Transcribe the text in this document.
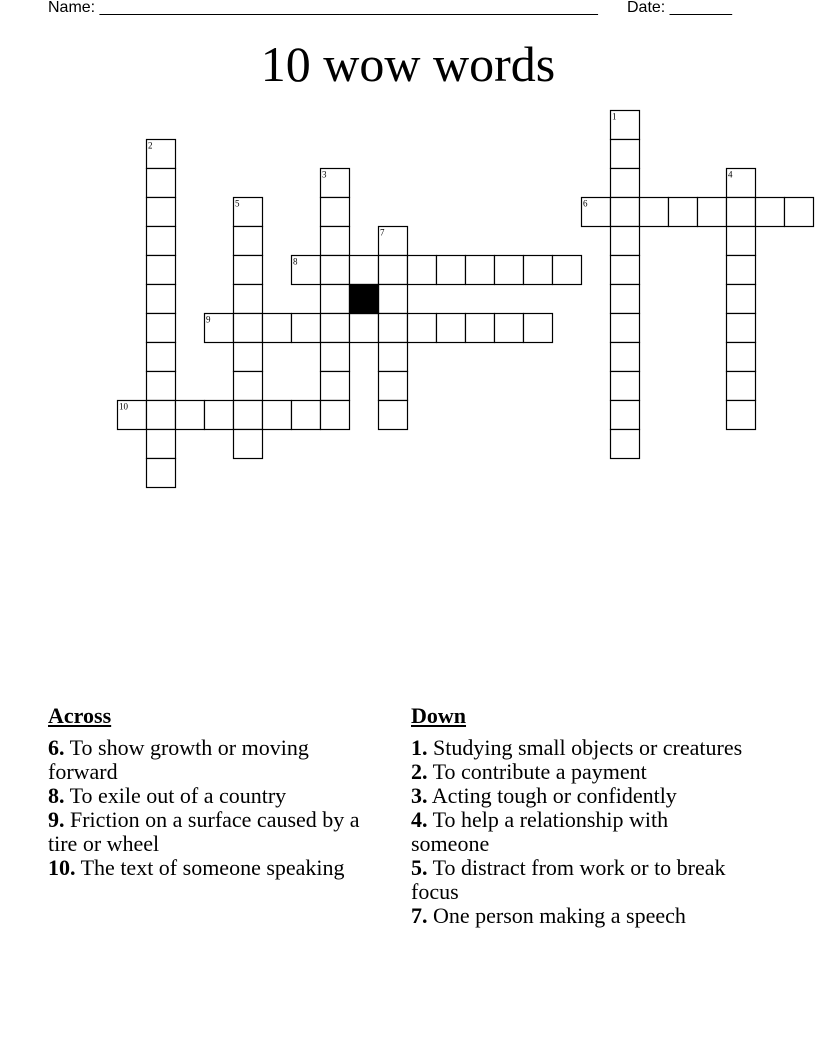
Name: ________________________________________________________ Date: _______
10 wow words
1
2
3	4
5	6
7
8
9
10
Across

6. To show growth or moving forward

8. To exile out of a country

9. Friction on a surface caused by a tire or wheel

10. The text of someone speaking

Down

1. Studying small objects or creatures

2. To contribute a payment

3. Acting tough or confidently

4. To help a relationship with someone

5. To distract from work or to break focus

7. One person making a speech
